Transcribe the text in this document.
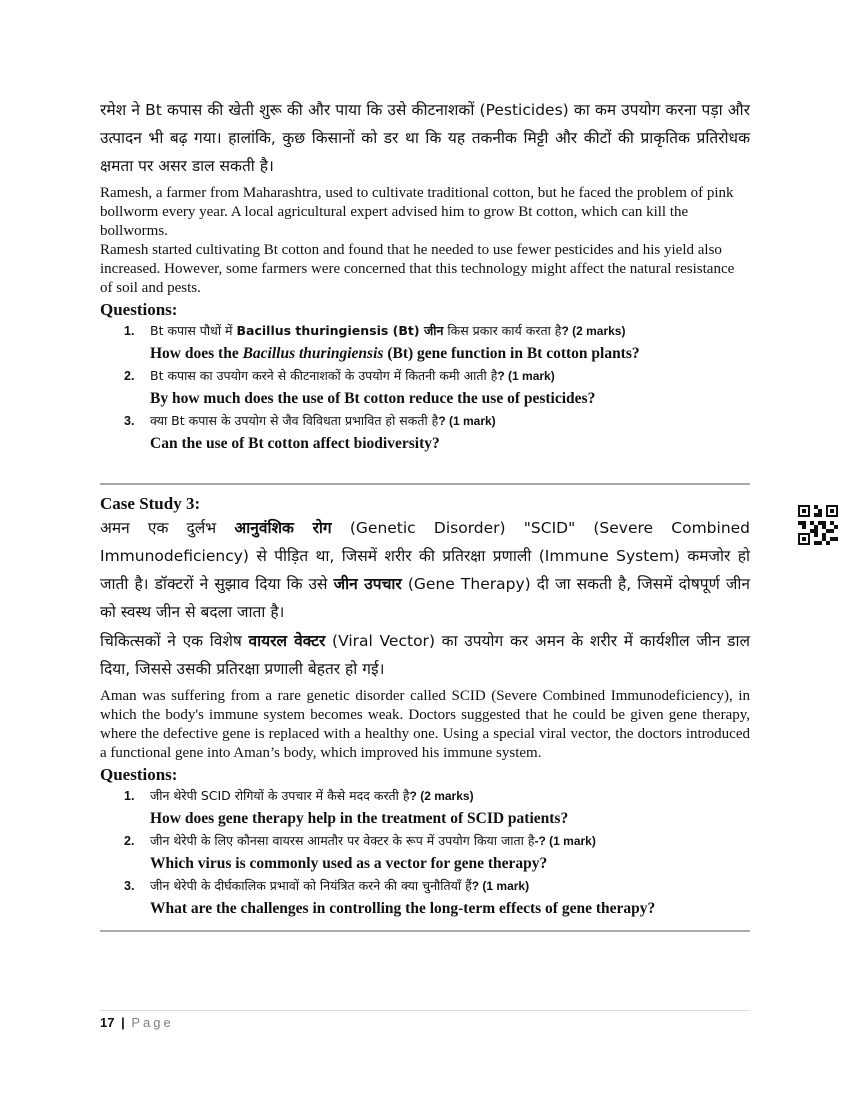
रमेश ने Bt कपास की खेती शुरू की और पाया कि उसे कीटनाशकों (Pesticides) का कम उपयोग करना पड़ा और उत्पादन भी बढ़ गया। हालांकि, कुछ किसानों को डर था कि यह तकनीक मिट्टी और कीटों की प्राकृतिक प्रतिरोधक क्षमता पर असर डाल सकती है।

Ramesh, a farmer from Maharashtra, used to cultivate traditional cotton, but he faced the problem of pink bollworm every year. A local agricultural expert advised him to grow Bt cotton, which can kill the bollworms.

Ramesh started cultivating Bt cotton and found that he needed to use fewer pesticides and his yield also increased. However, some farmers were concerned that this technology might affect the natural resistance of soil and pests.

Questions:

1. Bt कपास पौधों में Bacillus thuringiensis (Bt) जीन किस प्रकार कार्य करता है? (2 marks)

How does the Bacillus thuringiensis (Bt) gene function in Bt cotton plants?

2. Bt कपास का उपयोग करने से कीटनाशकों के उपयोग में कितनी कमी आती है? (1 mark)

By how much does the use of Bt cotton reduce the use of pesticides?

3. क्या Bt कपास के उपयोग से जैव विविधता प्रभावित हो सकती है? (1 mark)

Can the use of Bt cotton affect biodiversity?

Case Study 3:

अमन एक दुर्लभ आनुवंशिक रोग (Genetic Disorder) "SCID" (Severe Combined Immunodeficiency) से पीड़ित था, जिसमें शरीर की प्रतिरक्षा प्रणाली (Immune System) कमजोर हो जाती है। डॉक्टरों ने सुझाव दिया कि उसे जीन उपचार (Gene Therapy) दी जा सकती है, जिसमें दोषपूर्ण जीन को स्वस्थ जीन से बदला जाता है।

चिकित्सकों ने एक विशेष वायरल वेक्टर (Viral Vector) का उपयोग कर अमन के शरीर में कार्यशील जीन डाल दिया, जिससे उसकी प्रतिरक्षा प्रणाली बेहतर हो गई।

Aman was suffering from a rare genetic disorder called SCID (Severe Combined Immunodeficiency), in which the body's immune system becomes weak. Doctors suggested that he could be given gene therapy, where the defective gene is replaced with a healthy one. Using a special viral vector, the doctors introduced a functional gene into Aman’s body, which improved his immune system.

Questions:

1. जीन थेरेपी SCID रोगियों के उपचार में कैसे मदद करती है? (2 marks)

How does gene therapy help in the treatment of SCID patients?

2. जीन थेरेपी के लिए कौनसा वायरस आमतौर पर वेक्टर के रूप में उपयोग किया जाता है-? (1 mark)

Which virus is commonly used as a vector for gene therapy?

3. जीन थेरेपी के दीर्घकालिक प्रभावों को नियंत्रित करने की क्या चुनौतियाँ हैं? (1 mark)

What are the challenges in controlling the long-term effects of gene therapy?

17 | Page
